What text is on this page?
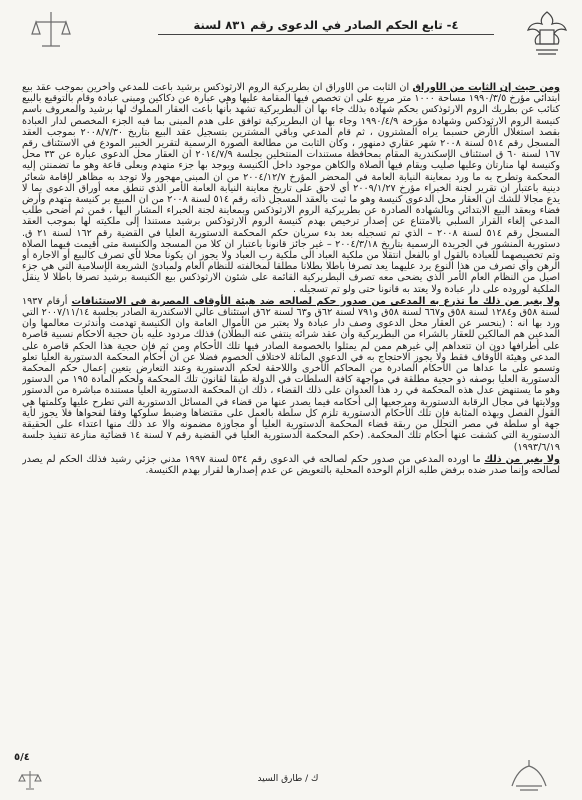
٤- تابع الحكم الصادر في الدعوى رقم ٨٣١ لسنة

ومن حيث إن الثابت من الأوراق ان الثابت من الأوراق ان بطريركية الروم الارثوذكس برشيد باعت للمدعي وأخرين بموجب عقد بيع ابتدائي مؤرخ ١٩٩٠/٣/٥ مساحة ١٠٠٠ متر مربع على ان تخصص فيها المقامة عليها وهي عبارة عن دكاكين ومبنى عبادة وقام بالتوقيع بالبيع كنائب عن بطريك الروم الارثوذكس بحكم شهادة بذلك جاء بها ان البطريركية تشهد بأنها باعت العقار المملوك لها برشيد والمعروف باسم كنيسة الروم الارثوذكس وشهادة مؤرخة ١٩٩٠/٤/٩ وجاء بها ان البطريركية توافق على هدم المبنى بما فيه الجزء المخصص لدار العبادة بقصد استغلال الأرض حسبما يراه المشترون ، ثم قام المدعي وباقي المشترين بتسجيل عقد البيع بتاريخ ٢٠٠٨/٧/٣٠ بموجب العقد المسجل رقم ٥١٤ لسنة ٢٠٠٨ شهر عقاري دمنهور ، وكان الثابت من مطالعة الصورة الرسمية لتقرير الخبير المودع في الاستئناف رقم ١٦٧ لسنة ٦٠ ق استئناف الإسكندرية المقام بمحافظة مستندات المنتخلين بجلسة ٢٠١٤/٧/٩ ان العقار محل الدعوى عبارة عن ٣٣ محل وكنيسة لها منارتان وعليها صليب ويقام فيها الصلاة والكاهن موجود داخل الكنيسة ويوجد بها جزء متهدم وبعلى قاعة وهو ما تضمنتن إليه المحكمة وتطرح به ما ورد بمعاينة النيابة العامة في المحضر المؤرخ ٢٠٠٤/١٢/٧ من ان المبنى مهجور ولا توجد به مظاهر لإقامة شعائر دينية باعتبار ان تقرير لجنة الخبراء مؤرخ ٢٠٠٩/١/٢٧ أي لاحق على تاريخ معاينة النيابة العامة الأمر الذي تنطق معه أوراق الدعوى بما لا يدع مجالا للشك ان العقار محل الدعوى كنيسة وهو ما ثبت بالعقد المسجل ذاته رقم ٥١٤ لسنة ٢٠٠٨ من ان المبيع بر كنيسة متهدم وأرض فضاء وبعقد البيع الابتدائي وبالشهادة الصادرة عن بطريركية الروم الارثوذكس وبمعاينة لجنة الخبراء المشار اليها ، فمن ثم أضحى طلب المدعي إلغاء القرار السلبي بالامتناع عن إصدار ترخيص بهدم كنيسة الروم الارثوذكس برشيد مستندا إلى ملكيته لها بموجب العقد المسجل رقم ٥١٤ لسنة ٢٠٠٨ – الذي تم تسجيله بعد بدء سريان حكم المحكمة الدستورية العليا في القضية رقم ١٦٢ لسنة ٢١ ق. دستورية المنشور في الجريدة الرسمية بتاريخ ٢٠٠٤/٣/١٨ – غير جائز قانونا باعتبار ان كلا من المسجد والكنيسة متى أقيمت فيهما الصلاة وتم تخصيصهما للعبادة بالقول او بالفعل انتقلا من ملكية العباد الى ملكية رب العباد ولا يجوز ان يكونا محلا لأي تصرف كالبيع أو الاجارة أو الرهن وأي تصرف من هذا النوع يرد عليهما يعد تصرفا باطلا بطلانا مطلقا لمخالفته للنظام العام ولمبادئ الشريعة الإسلامية التي هي جزء اصيل من النظام العام الأمر الذي يضحى معه تصرف البطريركية القائمة على شئون الارثوذكس بيع الكنيسة برشيد تصرفا باطلا لا ينقل الملكية لوروده على دار عبادة ولا يعتد به قانونا حتى ولو تم تسجيله .

ولا يغير من ذلك ما تذرع به المدعي من صدور حكم لصالحه ضد هيئة الأوقاف المصرية في الاستئنافات أرقام ١٩٣٧ لسنة ٥٨ق و١٢٨٤ لسنة ٥٨ق و٦٦٧ لسنة ٥٨ق و٧٩١ لسنة ٦٢ق و٦٣ لسنة ٦٢ق استئناف عالي الاسكندرية الصادر بجلسة ٢٠٠٧/١١/١٤ التي ورد بها انه : (ينحسر عن العقار محل الدعوى وصف دار عبادة ولا يعتبر من الأموال العامة وان الكنيسة تهدمت وأندثرت معالمها وان المدعين هم المالكين للعقار بالشراء من البطريركية وأن عقد شرائه ينتفي عنه البطلان) فذلك مردود عليه بأن حجية الاحكام نسبية قاصرة على أطرافها دون ان تتعداهم إلي غيرهم ممن لم يمثلوا بالخصومة الصادر فيها تلك الأحكام ومن ثم فإن حجية هذا الحكم قاصرة على المدعي وهيئة الأوقاف فقط ولا يجوز الاحتجاج به في الدعوى الماثلة لاختلاف الخصوم فضلا عن ان أحكام المحكمة الدستورية العليا تعلو وتسمو على ما عداها من الأحكام الصادرة من المحاكم الأخرى واللاحقة لحكم الدستورية وعند التعارض يتعين إعمال حكم المحكمة الدستورية العليا بوصفه ذو حجية مطلقة في مواجهة كافة السلطات في الدولة طبقا لقانون تلك المحكمة ولحكم المادة ١٩٥ من الدستور وهو ما يستنهض عدل هذه المحكمة في رد هذا العدوان على ذلك القضاء ، ذلك ان المحكمة الدستورية العليا مستندة مباشرة من الدستور وولايتها في مجال الرقابة الدستورية ومرجعيها إلى أحكامه فيما يصدر عنها من قضاء في المسائل الدستورية التي تطرح عليها وكلمتها هي القول الفصل وبهذه المثابة فإن تلك الأحكام الدستورية تلزم كل سلطة بالعمل على مقتضاها وضبط سلوكها وفقا لفحواها فلا يجوز لأية جهة أو سلطة في مصر التحلل من ربقة قضاء المحكمة الدستورية العليا أو مجاوزة مضمونه والا عد ذلك منها اعتداء على الحقيقة الدستورية التي كشفت عنها أحكام تلك المحكمة. (حكم المحكمة الدستورية العليا في القضية رقم ٧ لسنة ١٤ قضائية منازعة تنفيذ جلسة ١٩٩٣/٦/١٩)

ولا يغير من ذلك ما اورده المدعي من صدور حكم لصالحه في الدعوى رقم ٥٣٤ لسنة ١٩٩٧ مدني جزئي رشيد فذلك الحكم لم يصدر لصالحه وإنما صدر ضده برفض طلبه الزام الوحدة المحلية بالتعويض عن عدم إصدارها لقرار بهدم الكنيسة.

٥/٤
ك / طارق السيد
